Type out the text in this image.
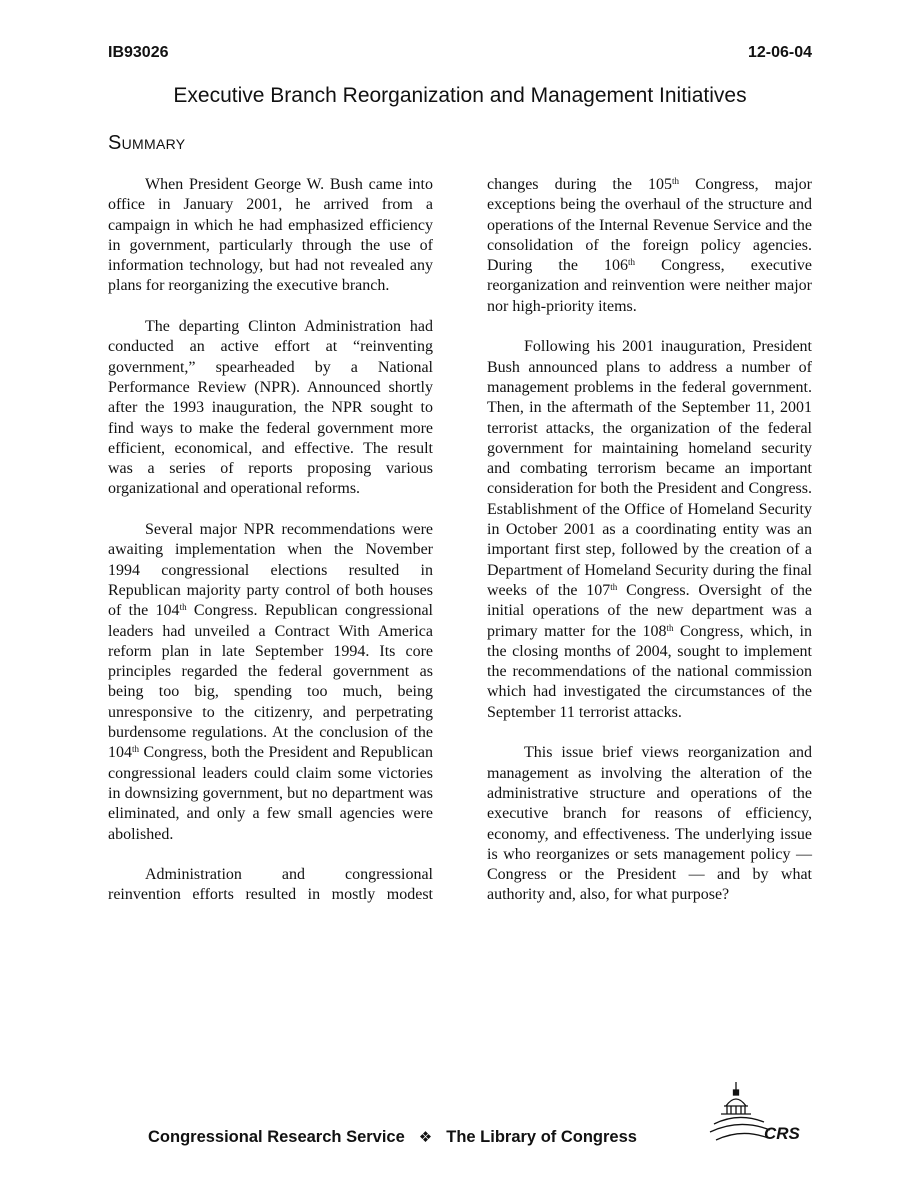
IB93026	12-06-04
Executive Branch Reorganization and Management Initiatives
Summary

When President George W. Bush came into office in January 2001, he arrived from a campaign in which he had emphasized efficiency in government, particularly through the use of information technology, but had not revealed any plans for reorganizing the executive branch.

The departing Clinton Administration had conducted an active effort at “reinventing government,” spearheaded by a National Performance Review (NPR). Announced shortly after the 1993 inauguration, the NPR sought to find ways to make the federal government more efficient, economical, and effective. The result was a series of reports proposing various organizational and operational reforms.

Several major NPR recommendations were awaiting implementation when the November 1994 congressional elections resulted in Republican majority party control of both houses of the 104th Congress. Republican congressional leaders had unveiled a Contract With America reform plan in late September 1994. Its core principles regarded the federal government as being too big, spending too much, being unresponsive to the citizenry, and perpetrating burdensome regulations. At the conclusion of the 104th Congress, both the President and Republican congressional leaders could claim some victories in downsizing government, but no department was eliminated, and only a few small agencies were abolished.

Administration and congressional reinvention efforts resulted in mostly modest

changes during the 105th Congress, major exceptions being the overhaul of the structure and operations of the Internal Revenue Service and the consolidation of the foreign policy agencies. During the 106th Congress, executive reorganization and reinvention were neither major nor high-priority items.

Following his 2001 inauguration, President Bush announced plans to address a number of management problems in the federal government. Then, in the aftermath of the September 11, 2001 terrorist attacks, the organization of the federal government for maintaining homeland security and combating terrorism became an important consideration for both the President and Congress. Establishment of the Office of Homeland Security in October 2001 as a coordinating entity was an important first step, followed by the creation of a Department of Homeland Security during the final weeks of the 107th Congress. Oversight of the initial operations of the new department was a primary matter for the 108th Congress, which, in the closing months of 2004, sought to implement the recommendations of the national commission which had investigated the circumstances of the September 11 terrorist attacks.

This issue brief views reorganization and management as involving the alteration of the administrative structure and operations of the executive branch for reasons of efficiency, economy, and effectiveness. The underlying issue is who reorganizes or sets management policy — Congress or the President — and by what authority and, also, for what purpose?

Congressional Research Service ❖ The Library of Congress	CRS
